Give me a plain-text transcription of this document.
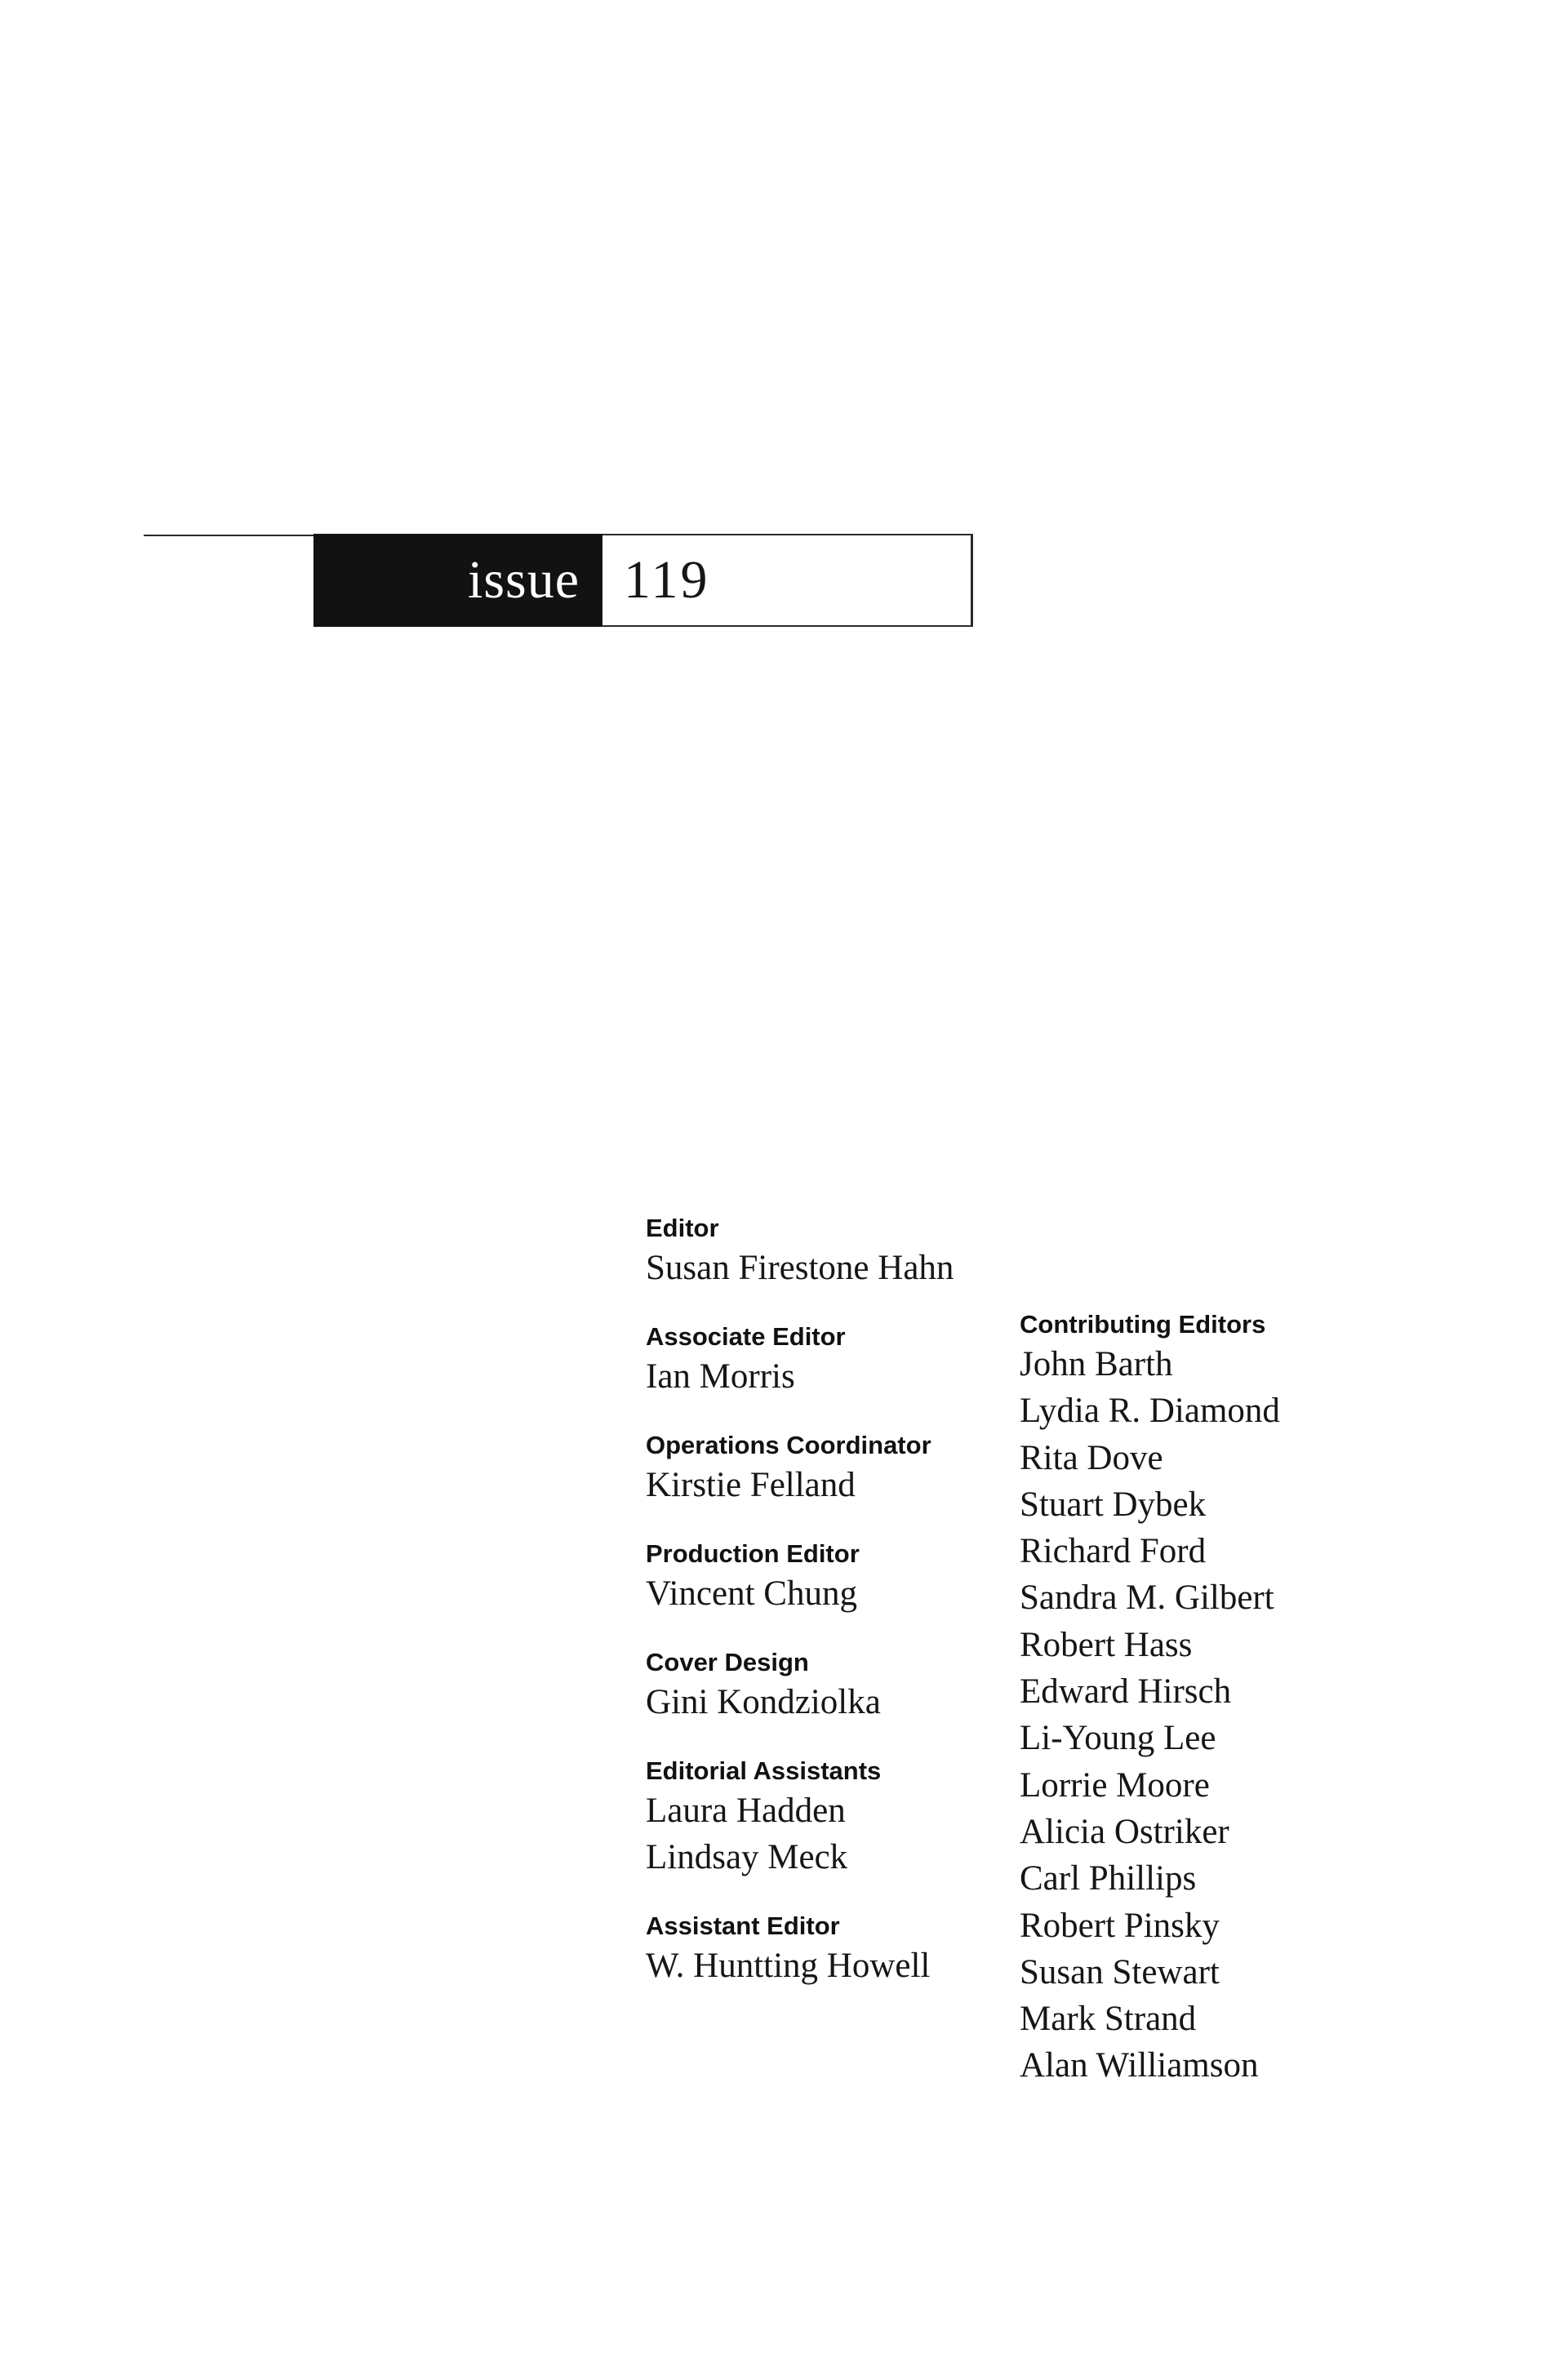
issue 119
Editor
Susan Firestone Hahn
Associate Editor
Ian Morris
Operations Coordinator
Kirstie Felland
Production Editor
Vincent Chung
Cover Design
Gini Kondziolka
Editorial Assistants
Laura Hadden
Lindsay Meck
Assistant Editor
W. Huntting Howell
Contributing Editors
John Barth
Lydia R. Diamond
Rita Dove
Stuart Dybek
Richard Ford
Sandra M. Gilbert
Robert Hass
Edward Hirsch
Li-Young Lee
Lorrie Moore
Alicia Ostriker
Carl Phillips
Robert Pinsky
Susan Stewart
Mark Strand
Alan Williamson
